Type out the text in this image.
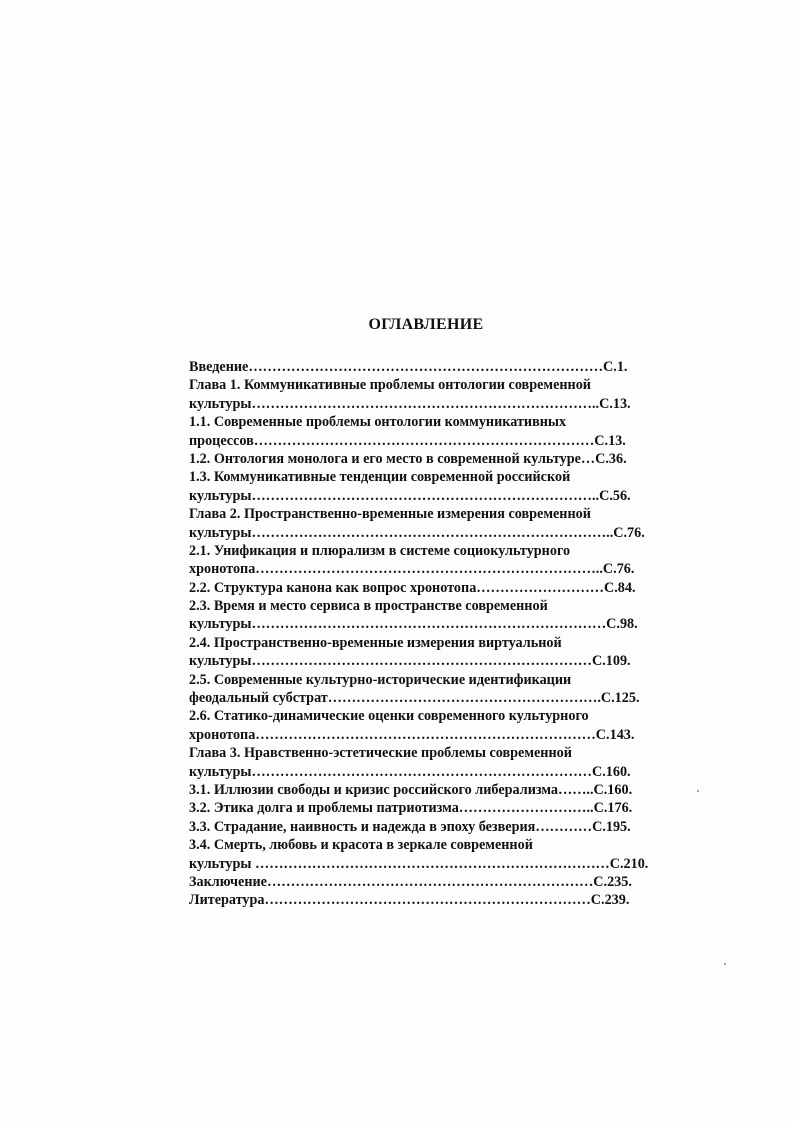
ОГЛАВЛЕНИЕ
Введение…………………………………………………………………С.1.
Глава 1. Коммуникативные проблемы онтологии современной
культуры………………………………………………………………..С.13.
1.1. Современные проблемы онтологии коммуникативных
процессов………………………………………………………………С.13.
1.2. Онтология монолога и его место в современной культуре…С.36.
1.3. Коммуникативные тенденции современной российской
культуры………………………………………………………………..С.56.
Глава 2. Пространственно-временные измерения современной
культуры…………………………………………………………………..С.76.
2.1. Унификация и плюрализм в системе социокультурного
хронотопа………………………………………………………………..С.76.
2.2. Структура канона как вопрос хронотопа………………………С.84.
2.3. Время и место сервиса в пространстве современной
культуры…………………………………………………………………С.98.
2.4. Пространственно-временные измерения виртуальной
культуры………………………………………………………………С.109.
2.5. Современные культурно-исторические идентификации
феодальный субстрат………………………………………………….С.125.
2.6. Статико-динамические оценки современного культурного
хронотопа………………………………………………………………С.143.
Глава 3. Нравственно-эстетические проблемы современной
культуры………………………………………………………………С.160.
3.1. Иллюзии свободы и кризис российского либерализма……..С.160.
3.2. Этика долга и проблемы патриотизма………………………..С.176.
3.3. Страдание, наивность и надежда в эпоху безверия…………С.195.
3.4. Смерть, любовь и красота в зеркале современной
культуры …………………………………………………………………С.210.
Заключение……………………………………………………………С.235.
Литература……………………………………………………………С.239.
